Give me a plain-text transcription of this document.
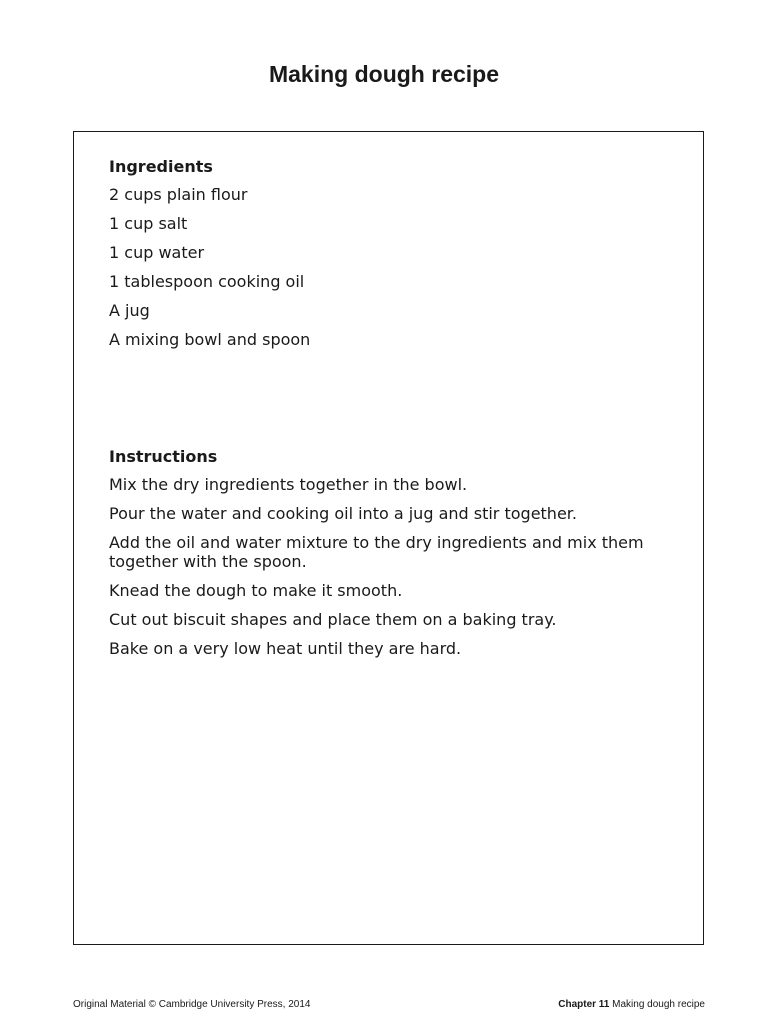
Making dough recipe
Ingredients
2 cups plain flour
1 cup salt
1 cup water
1 tablespoon cooking oil
A jug
A mixing bowl and spoon
Instructions
Mix the dry ingredients together in the bowl.
Pour the water and cooking oil into a jug and stir together.
Add the oil and water mixture to the dry ingredients and mix them together with the spoon.
Knead the dough to make it smooth.
Cut out biscuit shapes and place them on a baking tray.
Bake on a very low heat until they are hard.
Original Material © Cambridge University Press, 2014	Chapter 11 Making dough recipe
